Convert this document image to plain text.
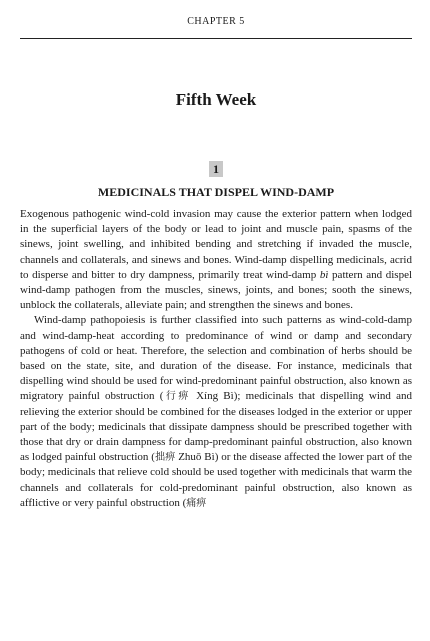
CHAPTER 5
Fifth Week
1
MEDICINALS THAT DISPEL WIND-DAMP

Exogenous pathogenic wind-cold invasion may cause the exterior pattern when lodged in the superficial layers of the body or lead to joint and muscle pain, spasms of the sinews, joint swelling, and inhibited bending and stretching if invaded the muscle, channels and collaterals, and sinews and bones. Wind-damp dispelling medicinals, acrid to disperse and bitter to dry dampness, primarily treat wind-damp bì pattern and dispel wind-damp pathogen from the muscles, sinews, joints, and bones; sooth the sinews, unblock the collaterals, alleviate pain; and strengthen the sinews and bones.

Wind-damp pathopoiesis is further classified into such patterns as wind-cold-damp and wind-damp-heat according to predominance of wind or damp and secondary pathogens of cold or heat. Therefore, the selection and combination of herbs should be based on the state, site, and duration of the disease. For instance, medicinals that dispelling wind should be used for wind-predominant painful obstruction, also known as migratory painful obstruction (行痹 Xíng Bì); medicinals that dispelling wind and relieving the exterior should be combined for the diseases lodged in the exterior or upper part of the body; medicinals that dissipate dampness should be prescribed together with those that dry or drain dampness for damp-predominant painful obstruction, also known as lodged painful obstruction (拙痹 Zhuō Bì) or the disease affected the lower part of the body; medicinals that relieve cold should be used together with medicinals that warm the channels and collaterals for cold-predominant painful obstruction, also known as afflictive or very painful obstruction (痛痹
